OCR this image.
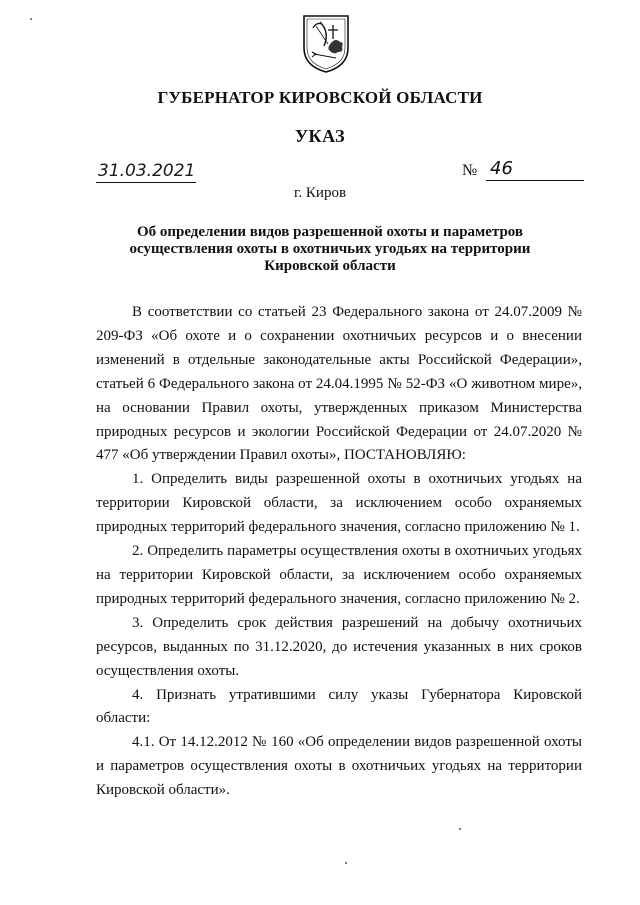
ГУБЕРНАТОР КИРОВСКОЙ ОБЛАСТИ
УКАЗ
31.03.2021	№ 46
г. Киров
Об определении видов разрешенной охоты и параметров осуществления охоты в охотничьих угодьях на территории Кировской области

В соответствии со статьей 23 Федерального закона от 24.07.2009 № 209-ФЗ «Об охоте и о сохранении охотничьих ресурсов и о внесении изменений в отдельные законодательные акты Российской Федерации», статьей 6 Федерального закона от 24.04.1995 № 52-ФЗ «О животном мире», на основании Правил охоты, утвержденных приказом Министерства природных ресурсов и экологии Российской Федерации от 24.07.2020 № 477 «Об утверждении Правил охоты», ПОСТАНОВЛЯЮ:

1. Определить виды разрешенной охоты в охотничьих угодьях на территории Кировской области, за исключением особо охраняемых природных территорий федерального значения, согласно приложению № 1.

2. Определить параметры осуществления охоты в охотничьих угодьях на территории Кировской области, за исключением особо охраняемых природных территорий федерального значения, согласно приложению № 2.

3. Определить срок действия разрешений на добычу охотничьих ресурсов, выданных по 31.12.2020, до истечения указанных в них сроков осуществления охоты.

4. Признать утратившими силу указы Губернатора Кировской области:

4.1. От 14.12.2012 № 160 «Об определении видов разрешенной охоты и параметров осуществления охоты в охотничьих угодьях на территории Кировской области».
